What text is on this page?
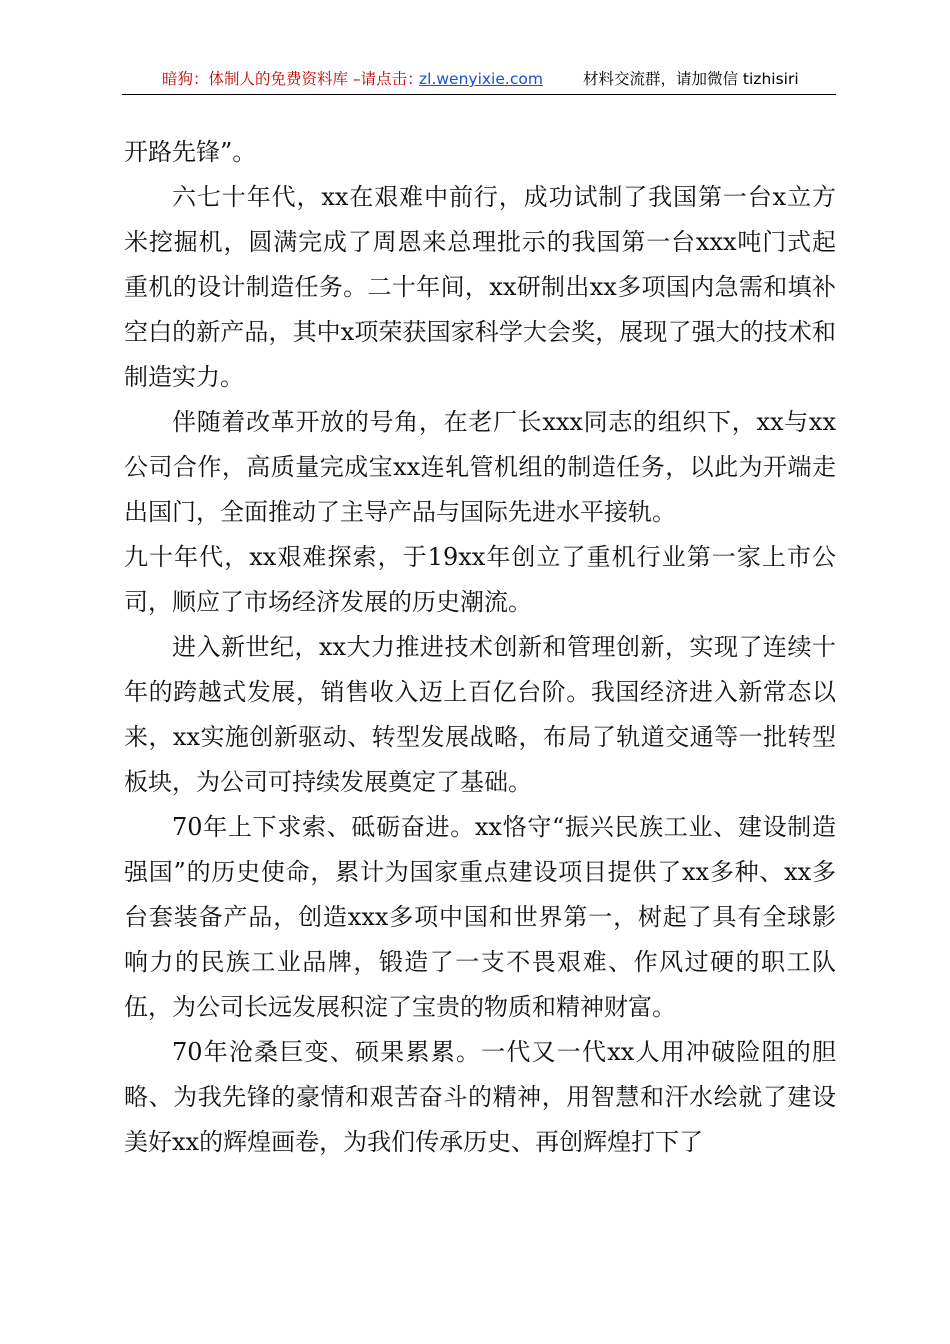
暗狗：体制人的免费资料库 –请点击：
zl.wenyixie.com	材料交流群，请加微信 tizhisiri

开路先锋”。

六七十年代，xx在艰难中前行，成功试制了我国第一台x立方米挖掘机，圆满完成了周恩来总理批示的我国第一台xxx吨门式起重机的设计制造任务。二十年间，xx研制出xx多项国内急需和填补空白的新产品，其中x项荣获国家科学大会奖，展现了强大的技术和制造实力。

伴随着改革开放的号角，在老厂长xxx同志的组织下，xx与xx公司合作，高质量完成宝xx连轧管机组的制造任务，以此为开端走出国门，全面推动了主导产品与国际先进水平接轨。

九十年代，xx艰难探索，于19xx年创立了重机行业第一家上市公司，顺应了市场经济发展的历史潮流。

进入新世纪，xx大力推进技术创新和管理创新，实现了连续十年的跨越式发展，销售收入迈上百亿台阶。我国经济进入新常态以来，xx实施创新驱动、转型发展战略，布局了轨道交通等一批转型板块，为公司可持续发展奠定了基础。

70年上下求索、砥砺奋进。xx恪守“振兴民族工业、建设制造强国”的历史使命，累计为国家重点建设项目提供了xx多种、xx多台套装备产品，创造xxx多项中国和世界第一，树起了具有全球影响力的民族工业品牌，锻造了一支不畏艰难、作风过硬的职工队伍，为公司长远发展积淀了宝贵的物质和精神财富。

70年沧桑巨变、硕果累累。一代又一代xx人用冲破险阻的胆略、为我先锋的豪情和艰苦奋斗的精神，用智慧和汗水绘就了建设美好xx的辉煌画卷，为我们传承历史、再创辉煌打下了
